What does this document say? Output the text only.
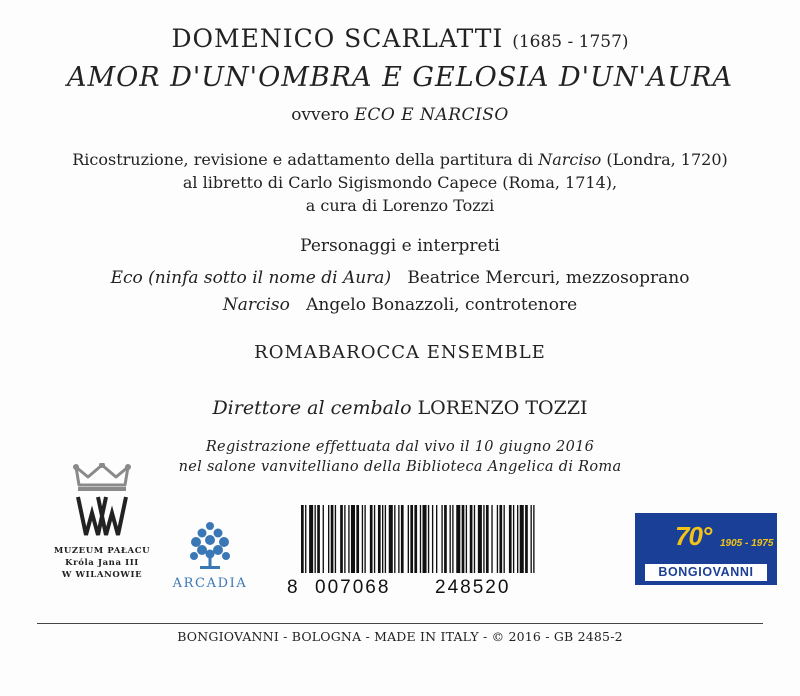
DOMENICO SCARLATTI (1685 - 1757)
AMOR D'UN'OMBRA E GELOSIA D'UN'AURA
ovvero ECO E NARCISO
Ricostruzione, revisione e adattamento della partitura di Narciso (Londra, 1720)
al libretto di Carlo Sigismondo Capece (Roma, 1714),
a cura di Lorenzo Tozzi
Personaggi e interpreti
Eco (ninfa sotto il nome di Aura) Beatrice Mercuri, mezzosoprano
Narciso Angelo Bonazzoli, controtenore
ROMABAROCCA ENSEMBLE
Direttore al cembalo LORENZO TOZZI
Registrazione effettuata dal vivo il 10 giugno 2016
nel salone vanvitelliano della Biblioteca Angelica di Roma
MUZEUM PAŁACU
Króla Jana III
W WILANOWIE
ARCADIA	8 007068 248520
70° 1905 - 1975
BONGIOVANNI
BONGIOVANNI - BOLOGNA - MADE IN ITALY - © 2016 - GB 2485-2
